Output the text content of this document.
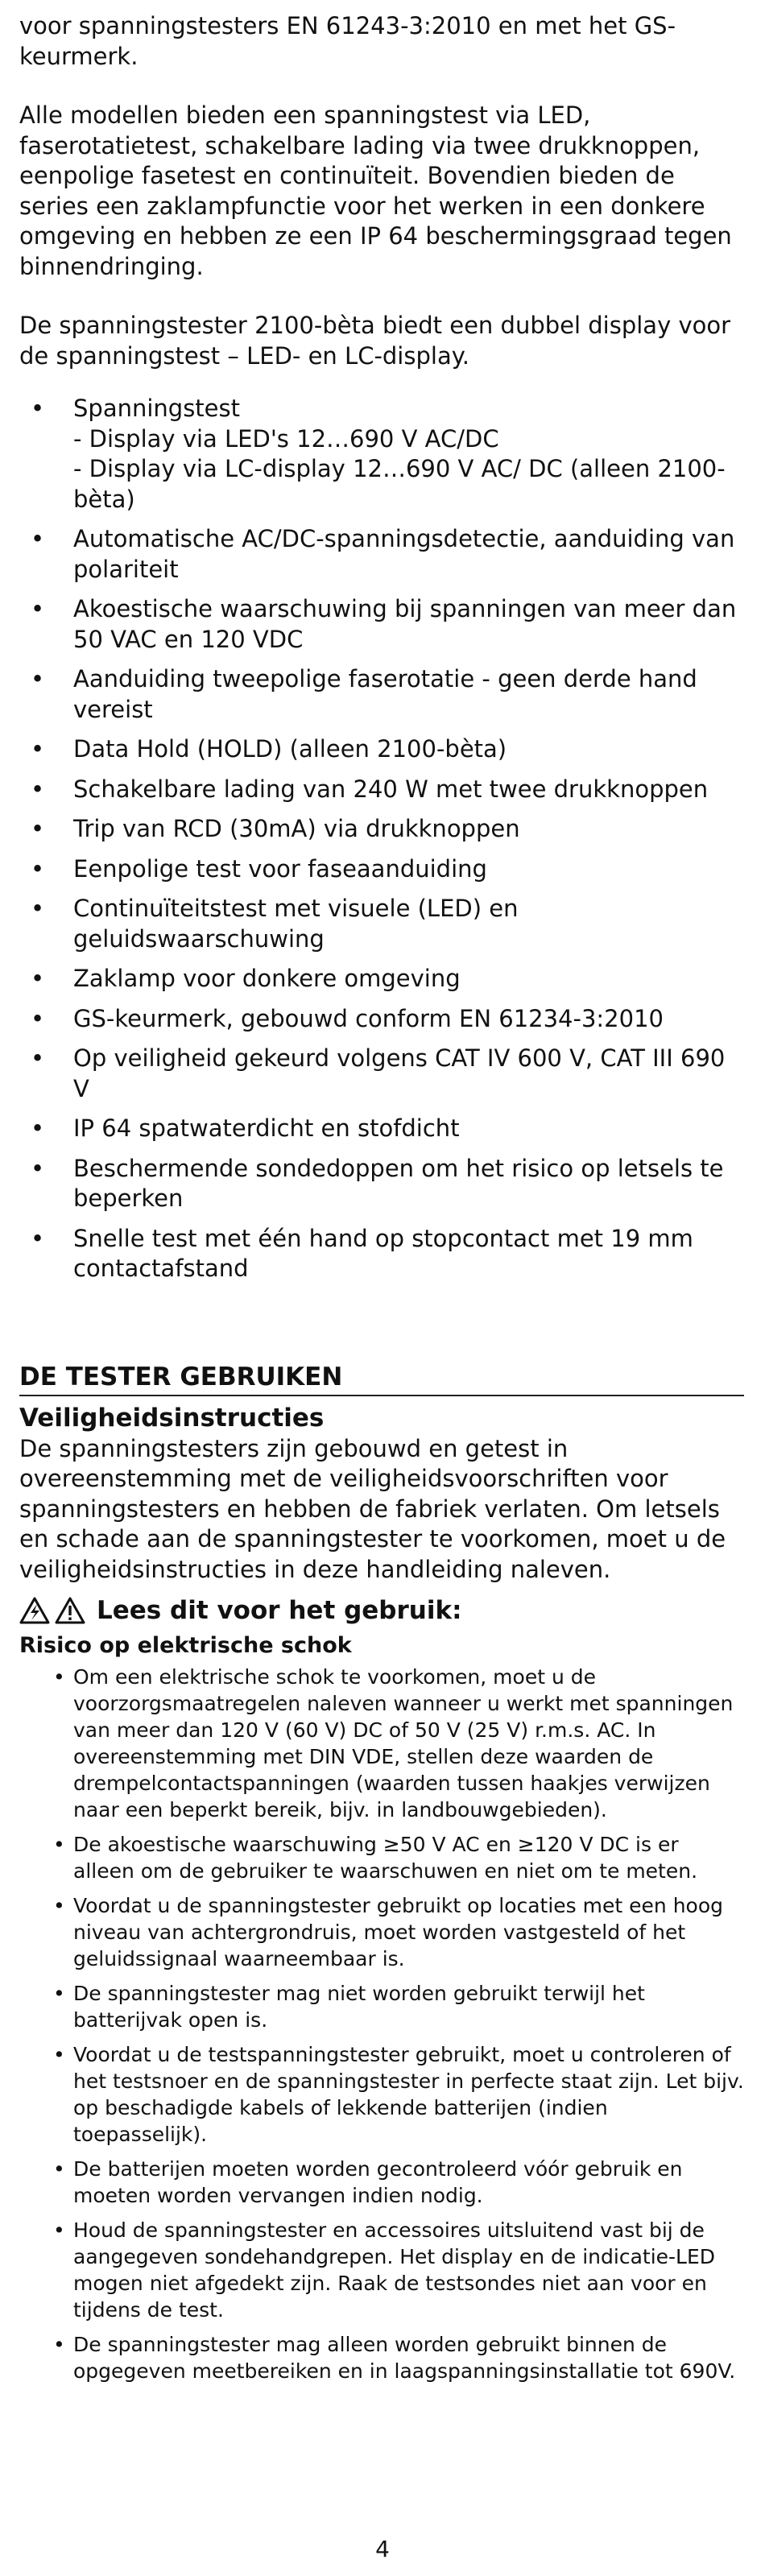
voor spanningstesters EN 61243-3:2010 en met het GS-keurmerk.

Alle modellen bieden een spanningstest via LED, faserotatietest, schakelbare lading via twee drukknoppen, eenpolige fasetest en continuïteit. Bovendien bieden de series een zaklampfunctie voor het werken in een donkere omgeving en hebben ze een IP 64 beschermingsgraad tegen binnendringing.

De spanningstester 2100-bèta biedt een dubbel display voor de spanningstest – LED- en LC-display.

• Spanningstest
- Display via LED's 12…690 V AC/DC
- Display via LC-display 12…690 V AC/ DC (alleen 2100-bèta)
• Automatische AC/DC-spanningsdetectie, aanduiding van polariteit
• Akoestische waarschuwing bij spanningen van meer dan 50 VAC en 120 VDC
• Aanduiding tweepolige faserotatie - geen derde hand vereist
• Data Hold (HOLD) (alleen 2100-bèta)
• Schakelbare lading van 240 W met twee drukknoppen
• Trip van RCD (30mA) via drukknoppen
• Eenpolige test voor faseaanduiding
• Continuïteitstest met visuele (LED) en geluidswaarschuwing
• Zaklamp voor donkere omgeving
• GS-keurmerk, gebouwd conform EN 61234-3:2010
• Op veiligheid gekeurd volgens CAT IV 600 V, CAT III 690 V
• IP 64 spatwaterdicht en stofdicht
• Beschermende sondedoppen om het risico op letsels te beperken
• Snelle test met één hand op stopcontact met 19 mm contactafstand
DE TESTER GEBRUIKEN
Veiligheidsinstructies

De spanningstesters zijn gebouwd en getest in overeenstemming met de veiligheidsvoorschriften voor spanningstesters en hebben de fabriek verlaten. Om letsels en schade aan de spanningstester te voorkomen, moet u de veiligheidsinstructies in deze handleiding naleven.

Lees dit voor het gebruik:
Risico op elektrische schok
• Om een elektrische schok te voorkomen, moet u de voorzorgsmaatregelen naleven wanneer u werkt met spanningen van meer dan 120 V (60 V) DC of 50 V (25 V) r.m.s. AC. In overeenstemming met DIN VDE, stellen deze waarden de drempelcontactspanningen (waarden tussen haakjes verwijzen naar een beperkt bereik, bijv. in landbouwgebieden).
• De akoestische waarschuwing ≥50 V AC en ≥120 V DC is er alleen om de gebruiker te waarschuwen en niet om te meten.
• Voordat u de spanningstester gebruikt op locaties met een hoog niveau van achtergrondruis, moet worden vastgesteld of het geluidssignaal waarneembaar is.
• De spanningstester mag niet worden gebruikt terwijl het batterijvak open is.
• Voordat u de testspanningstester gebruikt, moet u controleren of het testsnoer en de spanningstester in perfecte staat zijn. Let bijv. op beschadigde kabels of lekkende batterijen (indien toepasselijk).
• De batterijen moeten worden gecontroleerd vóór gebruik en moeten worden vervangen indien nodig.
• Houd de spanningstester en accessoires uitsluitend vast bij de aangegeven sondehandgrepen. Het display en de indicatie-LED mogen niet afgedekt zijn. Raak de testsondes niet aan voor en tijdens de test.
• De spanningstester mag alleen worden gebruikt binnen de opgegeven meetbereiken en in laagspanningsinstallatie tot 690V.
4
